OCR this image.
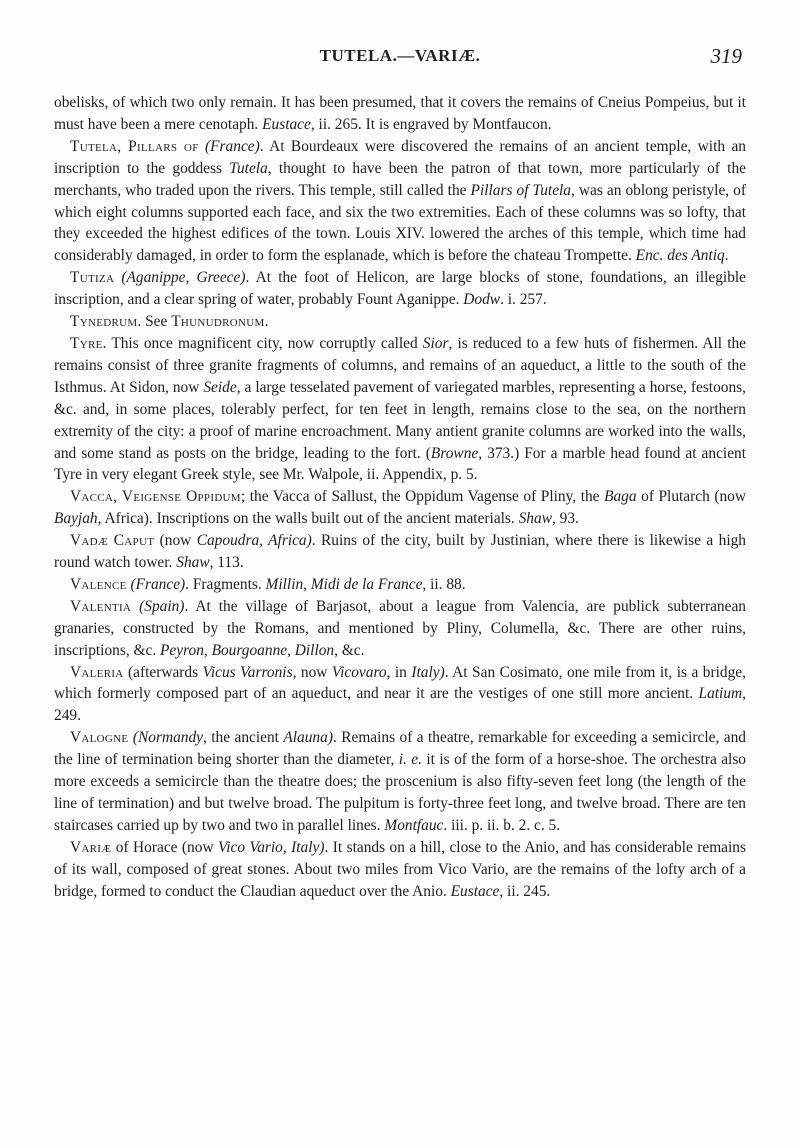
TUTELA.—VARIÆ.	319

obelisks, of which two only remain. It has been presumed, that it covers the remains of Cneius Pompeius, but it must have been a mere cenotaph. Eustace, ii. 265. It is engraved by Montfaucon.

Tutela, Pillars of (France). At Bourdeaux were discovered the remains of an ancient temple, with an inscription to the goddess Tutela, thought to have been the patron of that town, more particularly of the merchants, who traded upon the rivers. This temple, still called the Pillars of Tutela, was an oblong peristyle, of which eight columns supported each face, and six the two extremities. Each of these columns was so lofty, that they exceeded the highest edifices of the town. Louis XIV. lowered the arches of this temple, which time had considerably damaged, in order to form the esplanade, which is before the chateau Trompette. Enc. des Antiq.

Tutiza (Aganippe, Greece). At the foot of Helicon, are large blocks of stone, foundations, an illegible inscription, and a clear spring of water, probably Fount Aganippe. Dodw. i. 257.

Tynedrum. See Thunudronum.

Tyre. This once magnificent city, now corruptly called Sior, is reduced to a few huts of fishermen. All the remains consist of three granite fragments of columns, and remains of an aqueduct, a little to the south of the Isthmus. At Sidon, now Seide, a large tesselated pavement of variegated marbles, representing a horse, festoons, &c. and, in some places, tolerably perfect, for ten feet in length, remains close to the sea, on the northern extremity of the city: a proof of marine encroachment. Many antient granite columns are worked into the walls, and some stand as posts on the bridge, leading to the fort. (Browne, 373.) For a marble head found at ancient Tyre in very elegant Greek style, see Mr. Walpole, ii. Appendix, p. 5.

Vacca, Veigense Oppidum; the Vacca of Sallust, the Oppidum Vagense of Pliny, the Baga of Plutarch (now Bayjah, Africa). Inscriptions on the walls built out of the ancient materials. Shaw, 93.

Vadæ Caput (now Capoudra, Africa). Ruins of the city, built by Justinian, where there is likewise a high round watch tower. Shaw, 113.

Valence (France). Fragments. Millin, Midi de la France, ii. 88.

Valentia (Spain). At the village of Barjasot, about a league from Valencia, are publick subterranean granaries, constructed by the Romans, and mentioned by Pliny, Columella, &c. There are other ruins, inscriptions, &c. Peyron, Bourgoanne, Dillon, &c.

Valeria (afterwards Vicus Varronis, now Vicovaro, in Italy). At San Cosimato, one mile from it, is a bridge, which formerly composed part of an aqueduct, and near it are the vestiges of one still more ancient. Latium, 249.

Valogne (Normandy, the ancient Alauna). Remains of a theatre, remarkable for exceeding a semicircle, and the line of termination being shorter than the diameter, i. e. it is of the form of a horse-shoe. The orchestra also more exceeds a semicircle than the theatre does; the proscenium is also fifty-seven feet long (the length of the line of termination) and but twelve broad. The pulpitum is forty-three feet long, and twelve broad. There are ten staircases carried up by two and two in parallel lines. Montfauc. iii. p. ii. b. 2. c. 5.

Variæ of Horace (now Vico Vario, Italy). It stands on a hill, close to the Anio, and has considerable remains of its wall, composed of great stones. About two miles from Vico Vario, are the remains of the lofty arch of a bridge, formed to conduct the Claudian aqueduct over the Anio. Eustace, ii. 245.
